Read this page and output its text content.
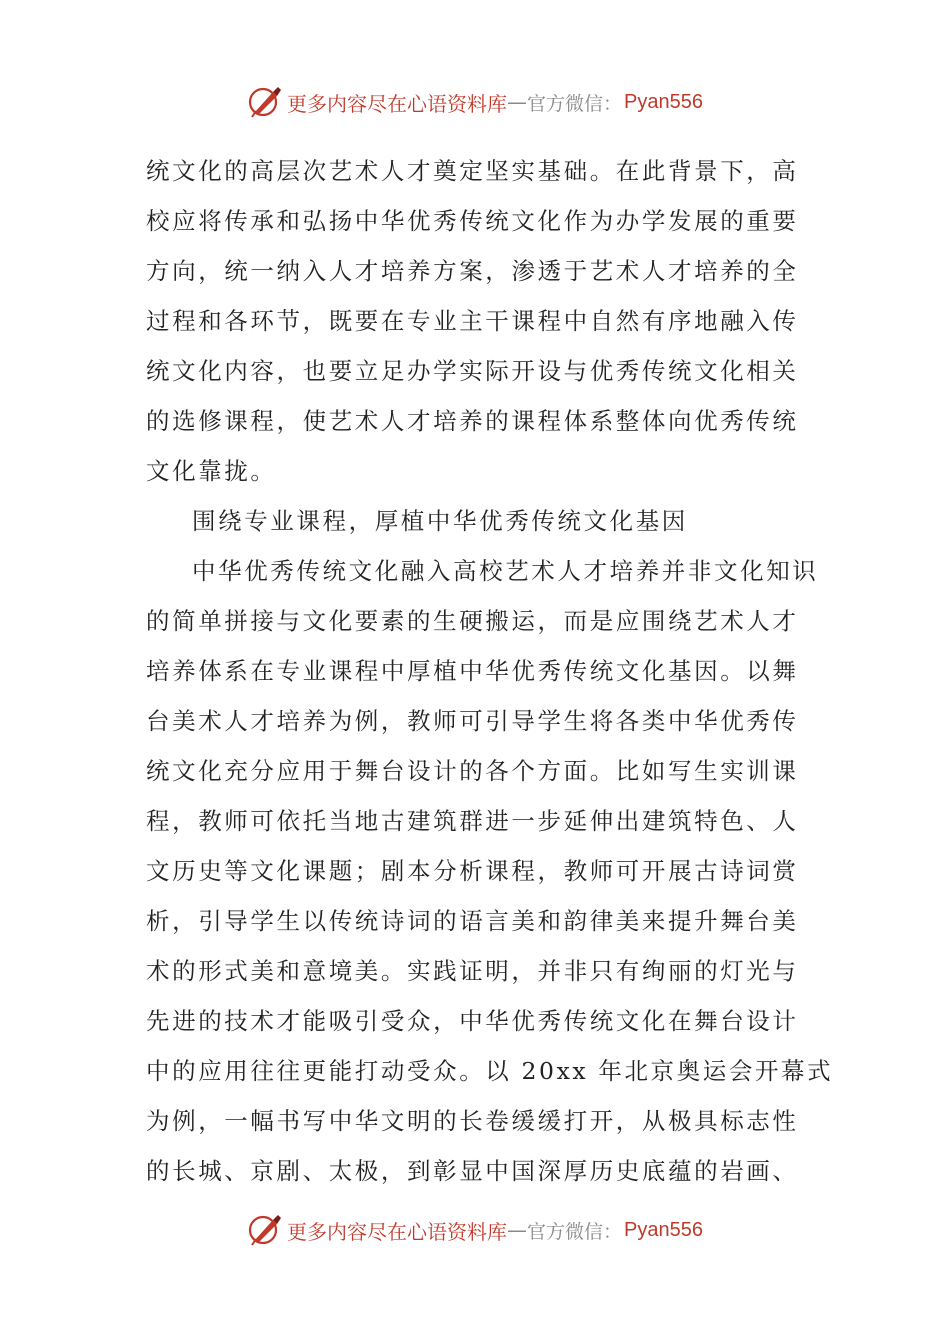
更多内容尽在心语资料库 — 官方微信： Pyan556
统文化的高层次艺术人才奠定坚实基础。在此背景下，高
校应将传承和弘扬中华优秀传统文化作为办学发展的重要
方向，统一纳入人才培养方案，渗透于艺术人才培养的全
过程和各环节，既要在专业主干课程中自然有序地融入传
统文化内容，也要立足办学实际开设与优秀传统文化相关
的选修课程，使艺术人才培养的课程体系整体向优秀传统
文化靠拢。
围绕专业课程，厚植中华优秀传统文化基因
中华优秀传统文化融入高校艺术人才培养并非文化知识
的简单拼接与文化要素的生硬搬运，而是应围绕艺术人才
培养体系在专业课程中厚植中华优秀传统文化基因。以舞
台美术人才培养为例，教师可引导学生将各类中华优秀传
统文化充分应用于舞台设计的各个方面。比如写生实训课
程，教师可依托当地古建筑群进一步延伸出建筑特色、人
文历史等文化课题；剧本分析课程，教师可开展古诗词赏
析，引导学生以传统诗词的语言美和韵律美来提升舞台美
术的形式美和意境美。实践证明，并非只有绚丽的灯光与
先进的技术才能吸引受众，中华优秀传统文化在舞台设计
中的应用往往更能打动受众。以 20xx 年北京奥运会开幕式
为例，一幅书写中华文明的长卷缓缓打开，从极具标志性
的长城、京剧、太极，到彰显中国深厚历史底蕴的岩画、
更多内容尽在心语资料库 — 官方微信： Pyan556
